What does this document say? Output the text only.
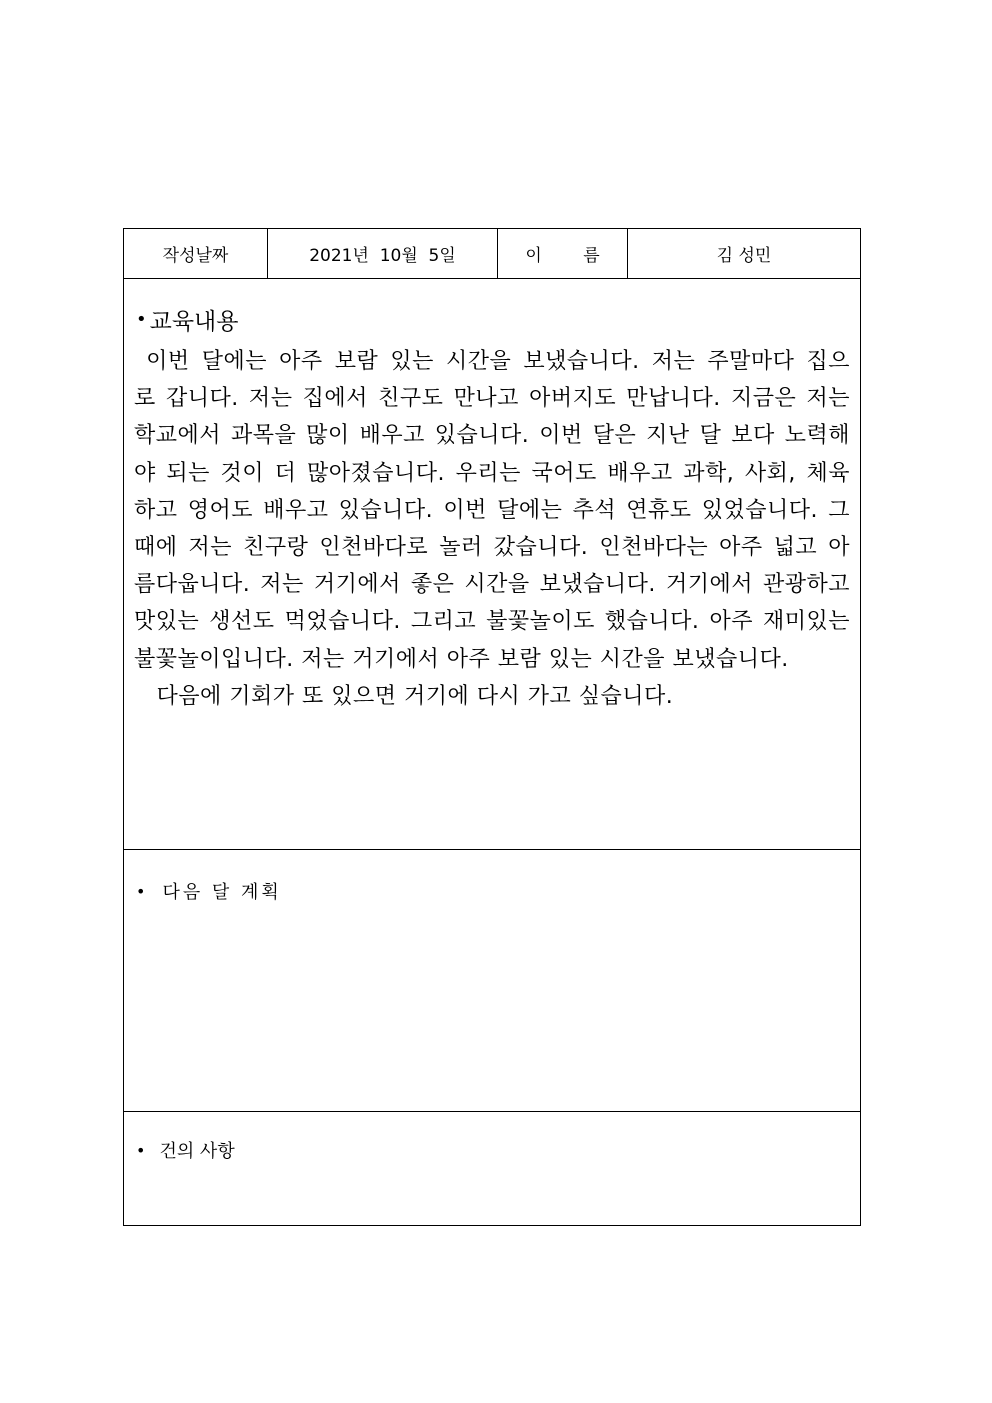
작성날짜	2021년  10월  5일	이 름	김 성민
• 교육내용

이번 달에는 아주 보람 있는 시간을 보냈습니다. 저는 주말마다 집으

로 갑니다. 저는 집에서 친구도 만나고 아버지도 만납니다. 지금은 저는

학교에서 과목을 많이 배우고 있습니다. 이번 달은 지난 달 보다 노력해

야 되는 것이 더 많아졌습니다. 우리는 국어도 배우고 과학, 사회, 체육

하고 영어도 배우고 있습니다. 이번 달에는 추석 연휴도 있었습니다. 그

때에 저는 친구랑 인천바다로 놀러 갔습니다. 인천바다는 아주 넓고 아

름다웁니다. 저는 거기에서 좋은 시간을 보냈습니다. 거기에서 관광하고

맛있는 생선도 먹었습니다. 그리고 불꽃놀이도 했습니다. 아주 재미있는

불꽃놀이입니다. 저는 거기에서 아주 보람 있는 시간을 보냈습니다.

다음에 기회가 또 있으면 거기에 다시 가고 싶습니다.

• 다음 달 계획
• 건의 사항
